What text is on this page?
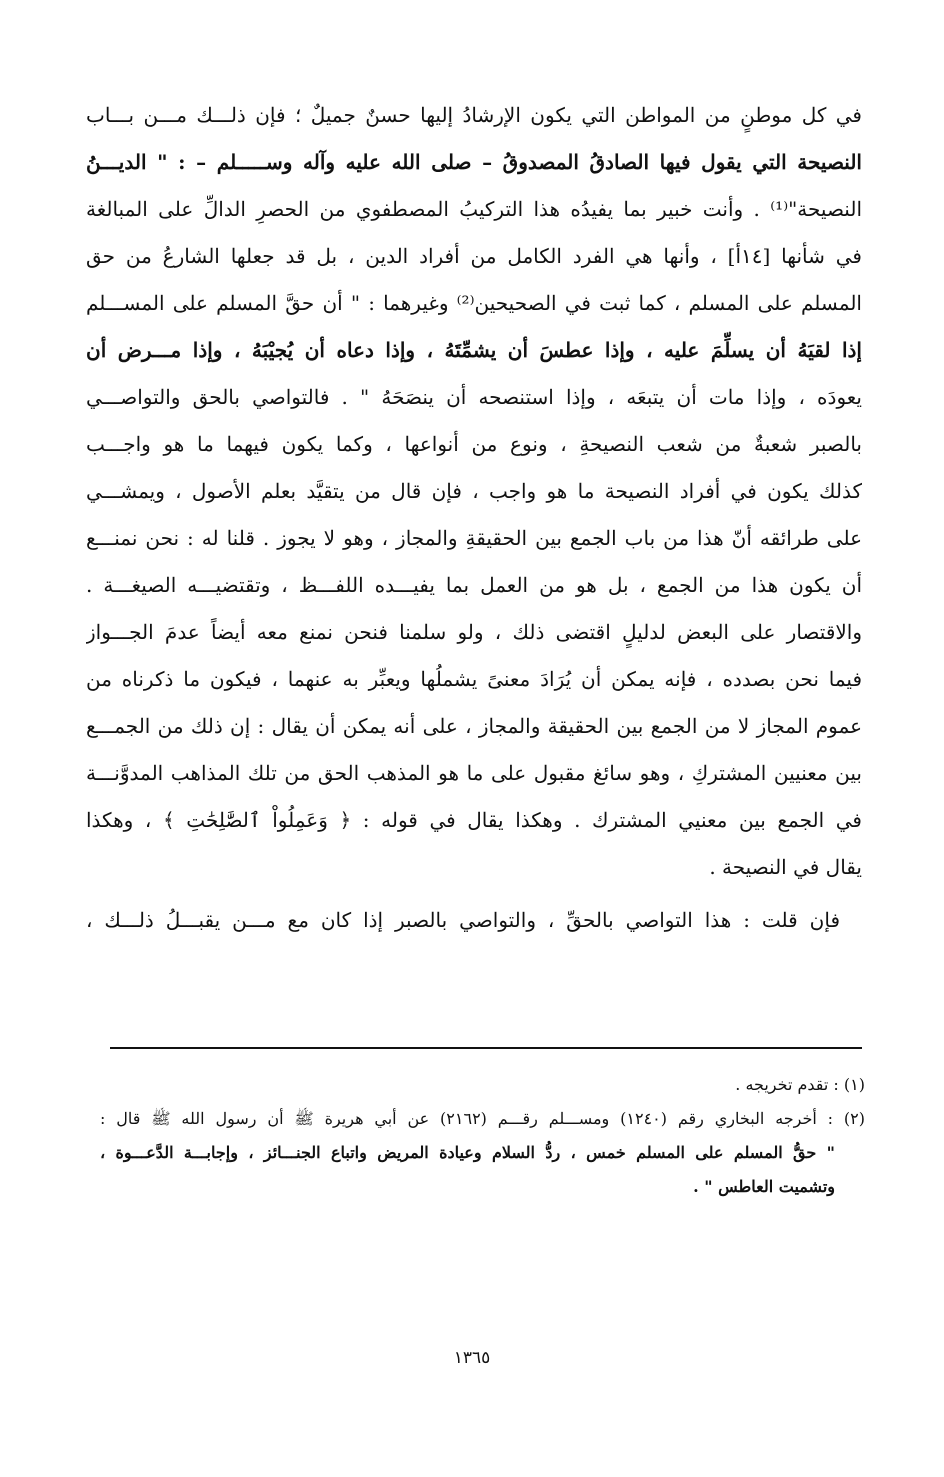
في كل موطنٍ من المواطن التي يكون الإرشادُ إليها حسنٌ جميلٌ ؛ فإن ذلـــك مـــن بـــاب
النصيحة التي يقول فيها الصادقُ المصدوقُ – صلى الله عليه وآله وســـــلم – : " الديـــنُ
النصيحة"⁽¹⁾ . وأنت خبير بما يفيدُه هذا التركيبُ المصطفوي من الحصرِ الدالِّ على المبالغة
في شأنها [١٤أ] ، وأنها هي الفرد الكامل من أفراد الدين ، بل قد جعلها الشارعُ من حق
المسلم على المسلم ، كما ثبت في الصحيحين⁽²⁾ وغيرهما : " أن حقَّ المسلم على المســـلم
إذا لقيَهُ أن يسلِّمَ عليه ، وإذا عطسَ أن يشمِّتَهُ ، وإذا دعاه أن يُجيْبَهُ ، وإذا مـــرض أن
يعودَه ، وإذا مات أن يتبعَه ، وإذا استنصحه أن ينصَحَهُ " . فالتواصي بالحق والتواصـــي
بالصبر شعبةٌ من شعب النصيحةِ ، ونوع من أنواعها ، وكما يكون فيهما ما هو واجـــب
كذلك يكون في أفراد النصيحة ما هو واجب ، فإن قال من يتقيَّد بعلم الأصول ، ويمشـــي
على طرائقه أنّ هذا من باب الجمع بين الحقيقةِ والمجاز ، وهو لا يجوز . قلنا له : نحن نمنـــع
أن يكون هذا من الجمع ، بل هو من العمل بما يفيـــده اللفـــظ ، وتقتضيـــه الصيغـــة .
والاقتصار على البعض لدليلٍ اقتضى ذلك ، ولو سلمنا فنحن نمنع معه أيضاً عدمَ الجـــواز
فيما نحن بصدده ، فإنه يمكن أن يُرَادَ معنىً يشملُها ويعبِّر به عنهما ، فيكون ما ذكرناه من
عموم المجاز لا من الجمع بين الحقيقة والمجاز ، على أنه يمكن أن يقال : إن ذلك من الجمـــع
بين معنيين المشتركِ ، وهو سائغ مقبول على ما هو المذهب الحق من تلك المذاهب المدوَّنـــة
في الجمع بين معنيي المشترك . وهكذا يقال في قوله : ﴿ وَعَمِلُواْ ٱلصَّٰلِحَٰتِ ﴾ ، وهكذا
يقال في النصيحة .
فإن قلت : هذا التواصي بالحقِّ ، والتواصي بالصبر إذا كان مع مـــن يقبـــلُ ذلـــك ،
(١) : تقدم تخريجه .
(٢) : أخرجه البخاري رقم (١٢٤٠) ومســـلم رقـــم (٢١٦٢) عن أبي هريرة ﷺ أن رسول الله ﷺ قال :
" حقُّ المسلم على المسلم خمس ، ردُّ السلام وعيادة المريض واتباع الجنـــائز ، وإجابـــة الدَّعـــوة ،
وتشميت العاطس " .
١٣٦٥
